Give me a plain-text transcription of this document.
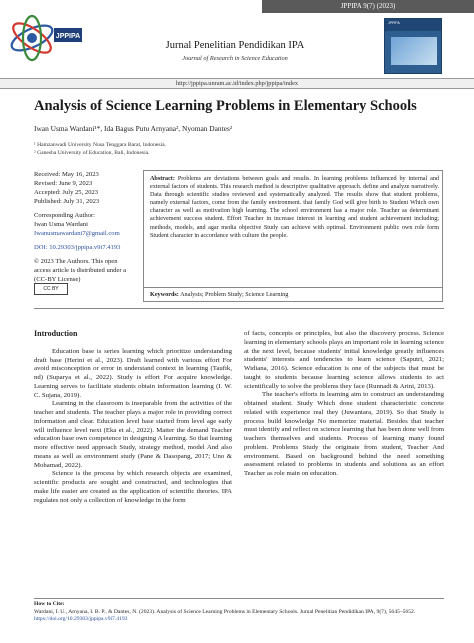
JPPIPA 9(7) (2023)
JPPIPA
Jurnal Penelitian Pendidikan IPA
Journal of Research in Science Education
JPPIPA
http://jppipa.unram.ac.id/index.php/jppipa/index
Analysis of Science Learning Problems in Elementary Schools
Iwan Usma Wardani¹*, Ida Bagus Putu Arnyana², Nyoman Dantes²
¹ Hamzanwadi University Nusa Tenggara Barat, Indonesia.
² Ganesha University of Education, Bali, Indonesia.
Received: May 16, 2023
Revised: June 9, 2023
Accepted: July 25, 2023
Published: July 31, 2023
Corresponding Author:
Iwan Usma Wardani
Iwanusmawardani7@gmail.com
DOI: 10.29303/jppipa.v9i7.4193
© 2023 The Authors. This open access article is distributed under a (CC-BY License)
CC BY
Abstract: Problems are deviations between goals and results. In learning problems influenced by internal and external factors of students. This research method is descriptive qualitative approach. define and analyze narratively. Data through scientific studies reviewed and systematically analyzed. The results show that student problems, namely external factors, come from the family environment. that family God will give birth to Student Which own character as well as motivation high learning. The school environment has a major role. Teacher as determinant achievement success student. Effort Teacher in increase interest in learning and student achievement including; methods, models, and agar media objective Study can achieve with optimal. Environment public own role form Student character in accordance with culture the people.
Keywords: Analysis; Problem Study; Science Learning
Introduction

Education base is series learning which prioritize understanding draft base (Herini et al., 2023). Draft learned with various effort For avoid misconception or error in understand context in learning (Taufik, nd) (Suparya et al., 2022). Study is effort For acquire knowledge. Learning serves to facilitate students obtain information learning (I. W. C. Sujana, 2019).

Learning in the classroom is inseparable from the activities of the teacher and students. The teacher plays a major role in providing correct information and clear. Education level base started from level age early will influence level next (Eka et al., 2022). Matter the demand Teacher education base own competence in designing A learning. So that learning more effective need approach Study, strategy method, model And also means as well as environment study (Pane & Dasopang, 2017; Uno & Mohamad, 2022).

Science is the process by which research objects are examined, scientific products are sought and constructed, and technologies that make life easier are created as the application of scientific theories. IPA regulates not only a collection of knowledge in the form

of facts, concepts or principles, but also the discovery process. Science learning in elementary schools plays an important role in learning science at the next level, because students' initial knowledge greatly influences students' interests and tendencies to learn science (Saputri, 2021; Widiana, 2016). Science education is one of the subjects that must be taught to students because learning science allows students to act scientifically to solve the problems they face (Runnadi & Arini, 2013).

The teacher's efforts in learning aim to construct an understanding obtained student. Study Which done student characteristic concrete related with experience real they (Juwantara, 2019). So that Study is process build knowledge No memorize material. Besides that teacher must identify and reflect on science learning that has been done well from teachers themselves and students. Process of learning many found problem. Problems Study the originate from student, Teacher And environment. Based on background behind the need something assessment related to problems in students and solutions as an effort Teacher as role main on education.

How to Cite:
Wardani, I. U., Arnyana, I. B. P., & Dantes, N. (2023). Analysis of Science Learning Problems in Elementary Schools. Jurnal Penelitian Pendidikan IPA, 9(7), 5645–5652. https://doi.org/10.29303/jppipa.v9i7.4193
